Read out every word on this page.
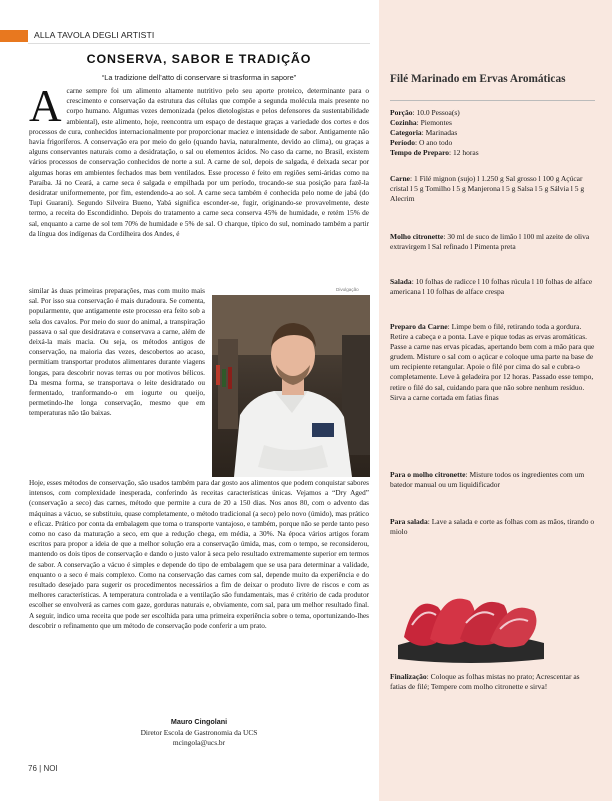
ALLA TAVOLA DEGLI ARTISTI
CONSERVA, SABOR E TRADIÇÃO
“La tradizione dell’atto di conservare si trasforma in sapore”
Acarne sempre foi um alimento altamente nutritivo pelo seu aporte proteico, determinante para o crescimento e conservação da estrutura das células que compõe a segunda molécula mais presente no corpo humano. Algumas vezes demonizada (pelos dietologistas e pelos defensores da sustentabilidade ambiental), este alimento, hoje, reencontra um espaço de destaque graças a variedade dos cortes e dos processos de cura, conhecidos internacionalmente por proporcionar maciez e intensidade de sabor. Antigamente não havia frigoríferos. A conservação era por meio do gelo (quando havia, naturalmente, devido ao clima), ou graças a alguns conservantes naturais como a desidratação, o sal ou elementos ácidos. No caso da carne, no Brasil, existem vários processos de conservação conhecidos de norte a sul. A carne de sol, depois de salgada, é deixada secar por algumas horas em ambientes fechados mas bem ventilados. Esse processo é feito em regiões semi-áridas como na Paraíba. Já no Ceará, a carne seca é salgada e empilhada por um período, trocando-se sua posição para fazê-la desidratar uniformemente, por fim, estendendo-a ao sol. A carne seca também é conhecida pelo nome de jabá (do Tupi Guarani). Segundo Silveira Bueno, Yabá significa esconder-se, fugir, originando-se provavelmente, deste termo, a receita do Escondidinho. Depois do tratamento a carne seca conserva 45% de humidade, e retém 15% de sal, enquanto a carne de sol tem 70% de humidade e 5% de sal. O charque, típico do sul, nominado também a partir da língua dos indígenas da Cordilheira dos Andes, é
similar às duas primeiras preparações, mas com muito mais sal. Por isso sua conservação é mais duradoura. Se comenta, popularmente, que antigamente este processo era feito sob a sela dos cavalos. Por meio do suor do animal, a transpiração passava o sal que desidratava e conservava a carne, além de deixá-la mais macia. Ou seja, os métodos antigos de conservação, na maioria das vezes, descobertos ao acaso, permitiam transportar produtos alimentares durante viagens longas, para descobrir novas terras ou por motivos bélicos. Da mesma forma, se transportava o leite desidratado ou fermentado, tranformando-o em iogurte ou queijo, permetindo-lhe longa conservação, mesmo que em temperaturas não tão baixas.
Divulgação
Hoje, esses métodos de conservação, são usados também para dar gosto aos alimentos que podem conquistar sabores intensos, com complexidade inesperada, conferindo às receitas características únicas. Vejamos a “Dry Aged” (conservação a seco) das carnes, método que permite a cura de 20 a 150 dias. Nos anos 80, com o advento das máquinas a vácuo, se substituiu, quase completamente, o método tradicional (a seco) pelo novo (úmido), mas prático e eficaz. Prático por conta da embalagem que toma o transporte vantajoso, e também, porque não se perde tanto peso como no caso da maturação a seco, em que a redução chega, em média, a 30%. Na época vários artigos foram escritos para propor a ideia de que a melhor solução era a conservação úmida, mas, com o tempo, se reconsiderou, mantendo os dois tipos de conservação e dando o justo valor à seca pelo resultado extremamente superior em termos de sabor. A conservação a vácuo é simples e depende do tipo de embalagem que se usa para determinar a validade, enquanto o a seco é mais complexo. Como na conservação das carnes com sal, depende muito da experiência e do resultado desejado para sugerir os procedimentos necessários a fim de deixar o produto livre de riscos e com as melhores características. A temperatura controlada e a ventilação são fundamentais, mas é critério de cada produtor escolher se envolverá as carnes com gaze, gorduras naturais e, obviamente, com sal, para um melhor resultado final. A seguir, indico uma receita que pode ser escolhida para uma primeira experiência sobre o tema, oportunizando-lhes descobrir o refinamento que um método de conservação pode conferir a um prato.
Mauro Cingolani
Diretor Escola de Gastronomia da UCS
mcingola@ucs.br
76 | NOI
Filé Marinado em Ervas Aromáticas
Porção: 10.0 Pessoa(s)
Cozinha: Piemontes
Categoria: Marinadas
Período: O ano todo
Tempo de Preparo: 12 horas
Carne: 1 Filé mignon (sujo) l 1.250 g Sal grosso l 100 g Açúcar cristal l 5 g Tomilho l 5 g Manjerona l 5 g Salsa l 5 g Sálvia l 5 g Alecrim
Molho citronette: 30 ml de suco de limão l 100 ml azeite de oliva extravirgem l Sal refinado l Pimenta preta
Salada: 10 folhas de radicce l 10 folhas rúcula l 10 folhas de alface americana l 10 folhas de alface crespa
Preparo da Carne: Limpe bem o filé, retirando toda a gordura. Retire a cabeça e a ponta. Lave e pique todas as ervas aromáticas. Passe a carne nas ervas picadas, apertando bem com a mão para que grudem. Misture o sal com o açúcar e coloque uma parte na base de um recipiente retangular. Apoie o filé por cima do sal e cubra-o completamente. Leve à geladeira por 12 horas. Passado esse tempo, retire o filé do sal, cuidando para que não sobre nenhum resíduo. Sirva a carne cortada em fatias finas
Para o molho citronette: Misture todos os ingredientes com um batedor manual ou um liquidificador
Para salada: Lave a salada e corte as folhas com as mãos, tirando o miolo
Finalização: Coloque as folhas mistas no prato; Acrescentar as fatias de filé; Tempere com molho citronette e sirva!
